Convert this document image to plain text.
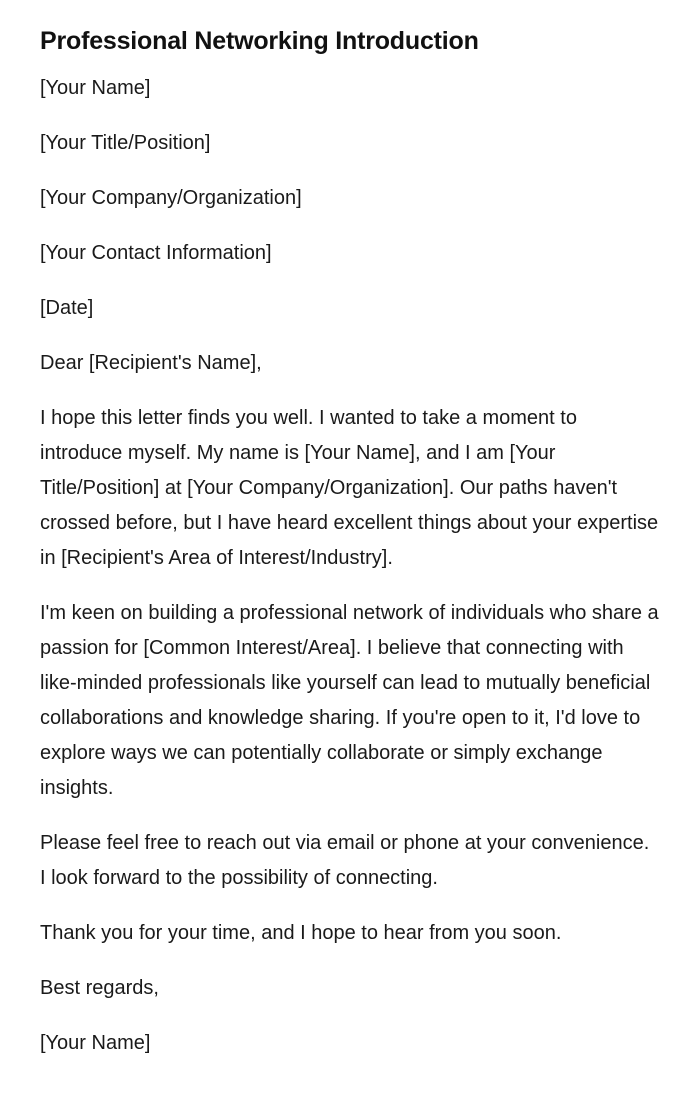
Professional Networking Introduction

[Your Name]

[Your Title/Position]

[Your Company/Organization]

[Your Contact Information]

[Date]

Dear [Recipient's Name],

I hope this letter finds you well. I wanted to take a moment to introduce myself. My name is [Your Name], and I am [Your Title/Position] at [Your Company/Organization]. Our paths haven't crossed before, but I have heard excellent things about your expertise in [Recipient's Area of Interest/Industry].

I'm keen on building a professional network of individuals who share a passion for [Common Interest/Area]. I believe that connecting with like-minded professionals like yourself can lead to mutually beneficial collaborations and knowledge sharing. If you're open to it, I'd love to explore ways we can potentially collaborate or simply exchange insights.

Please feel free to reach out via email or phone at your convenience. I look forward to the possibility of connecting.

Thank you for your time, and I hope to hear from you soon.

Best regards,

[Your Name]
